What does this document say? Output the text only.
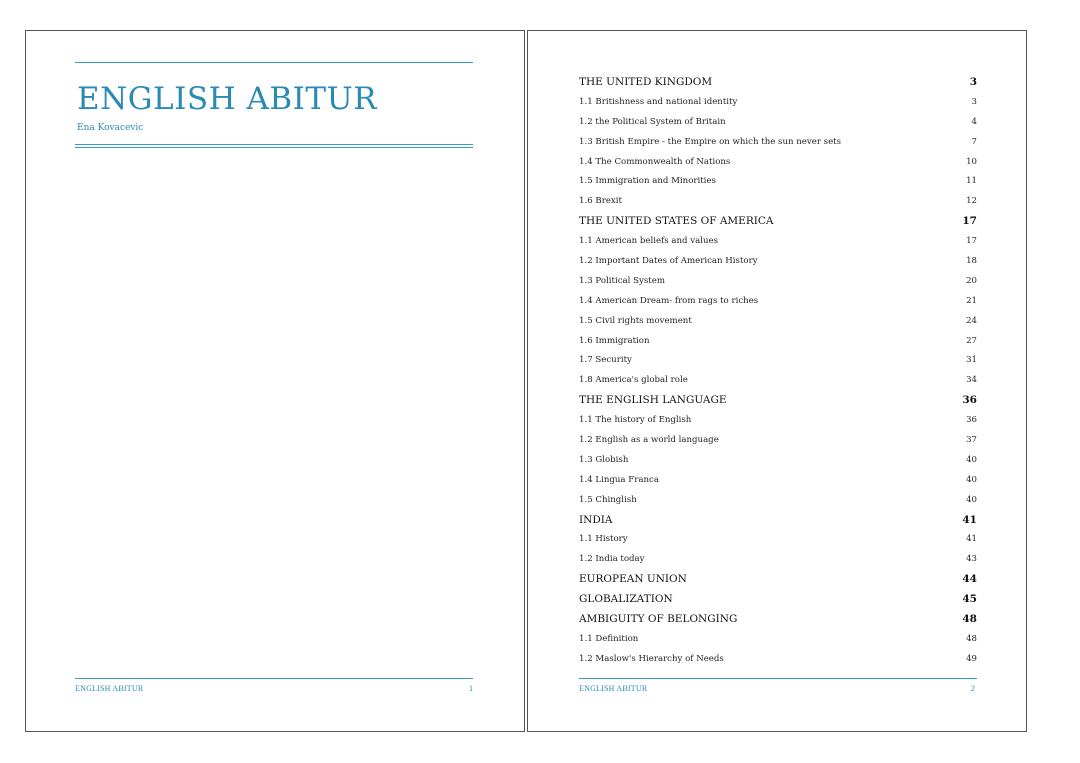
ENGLISH ABITUR
Ena Kovacevic
ENGLISH ABITUR	1
THE UNITED KINGDOM	3
1.1 Britishness and national identity	3
1.2 the Political System of Britain	4
1.3 British Empire - the Empire on which the sun never sets	7
1.4 The Commonwealth of Nations	10
1.5 Immigration and Minorities	11
1.6 Brexit	12
THE UNITED STATES OF AMERICA	17
1.1 American beliefs and values	17
1.2 Important Dates of American History	18
1.3 Political System	20
1.4 American Dream- from rags to riches	21
1.5 Civil rights movement	24
1.6 Immigration	27
1.7 Security	31
1.8 America's global role	34
THE ENGLISH LANGUAGE	36
1.1 The history of English	36
1.2 English as a world language	37
1.3 Globish	40
1.4 Lingua Franca	40
1.5 Chinglish	40
INDIA	41
1.1 History	41
1.2 India today	43
EUROPEAN UNION	44
GLOBALIZATION	45
AMBIGUITY OF BELONGING	48
1.1 Definition	48
1.2 Maslow's Hierarchy of Needs	49
ENGLISH ABITUR	2
